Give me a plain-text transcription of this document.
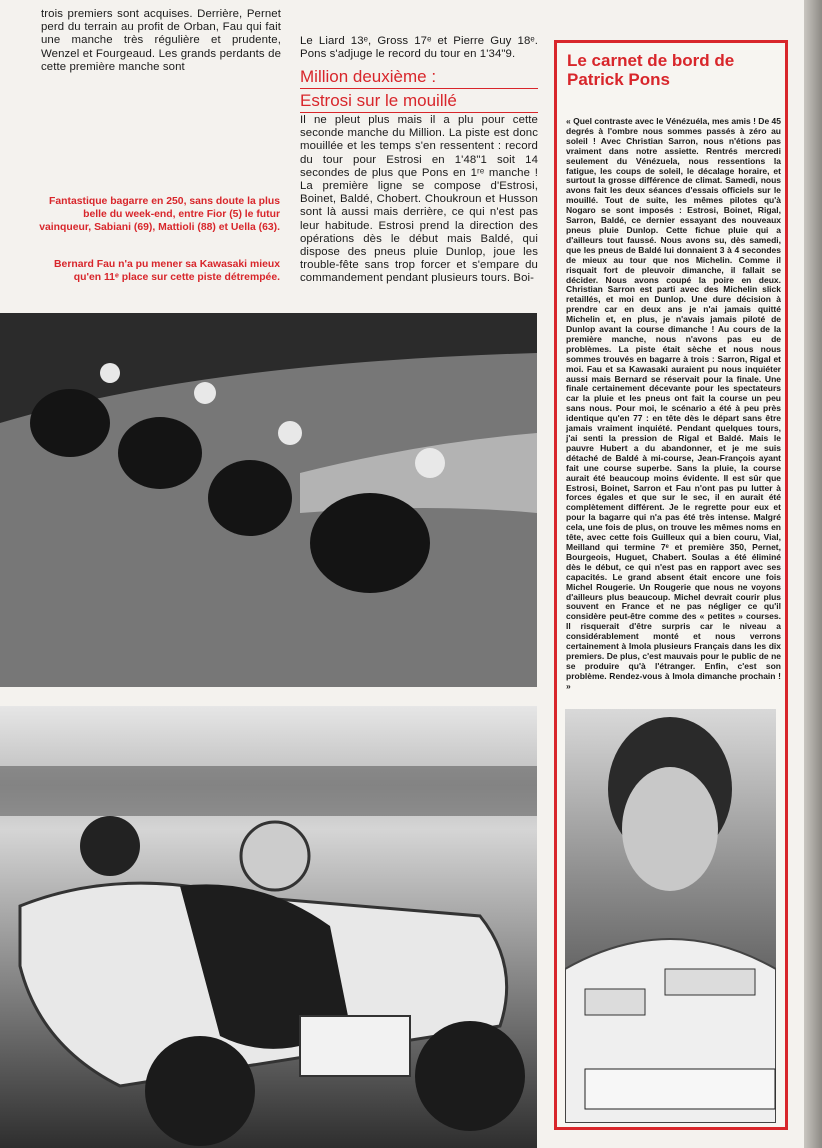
trois premiers sont acquises. Derrière, Pernet perd du terrain au profit de Orban, Fau qui fait une manche très régulière et prudente, Wenzel et Fourgeaud. Les grands perdants de cette première manche sont
Le Liard 13ᵉ, Gross 17ᵉ et Pierre Guy 18ᵉ. Pons s'adjuge le record du tour en 1'34"9.
Million deuxième :
Estrosi sur le mouillé
Il ne pleut plus mais il a plu pour cette seconde manche du Million. La piste est donc mouillée et les temps s'en ressentent : record du tour pour Estrosi en 1'48"1 soit 14 secondes de plus que Pons en 1ʳᵉ manche ! La première ligne se compose d'Estrosi, Boinet, Baldé, Chobert. Choukroun et Husson sont là aussi mais derrière, ce qui n'est pas leur habitude. Estrosi prend la direction des opérations dès le début mais Baldé, qui dispose des pneus pluie Dunlop, joue les trouble-fête sans trop forcer et s'empare du commandement pendant plusieurs tours. Boi-
Fantastique bagarre en 250, sans doute la plus belle du week-end, entre Fior (5) le futur vainqueur, Sabiani (69), Mattioli (88) et Uella (63).
Bernard Fau n'a pu mener sa Kawasaki mieux qu'en 11ᵉ place sur cette piste détrempée.
Le carnet de bord de Patrick Pons
« Quel contraste avec le Vénézuéla, mes amis ! De 45 degrés à l'ombre nous sommes passés à zéro au soleil ! Avec Christian Sarron, nous n'étions pas vraiment dans notre assiette. Rentrés mercredi seulement du Vénézuela, nous ressentions la fatigue, les coups de soleil, le décalage horaire, et surtout la grosse différence de climat. Samedi, nous avons fait les deux séances d'essais officiels sur le mouillé. Tout de suite, les mêmes pilotes qu'à Nogaro se sont imposés : Estrosi, Boinet, Rigal, Sarron, Baldé, ce dernier essayant des nouveaux pneus pluie Dunlop. Cette fichue pluie qui a d'ailleurs tout faussé. Nous avons su, dès samedi, que les pneus de Baldé lui donnaient 3 à 4 secondes de mieux au tour que nos Michelin. Comme il risquait fort de pleuvoir dimanche, il fallait se décider. Nous avons coupé la poire en deux. Christian Sarron est parti avec des Michelin slick retaillés, et moi en Dunlop. Une dure décision à prendre car en deux ans je n'ai jamais quitté Michelin et, en plus, je n'avais jamais piloté de Dunlop avant la course dimanche ! Au cours de la première manche, nous n'avons pas eu de problèmes. La piste était sèche et nous nous sommes trouvés en bagarre à trois : Sarron, Rigal et moi. Fau et sa Kawasaki auraient pu nous inquiéter aussi mais Bernard se réservait pour la finale. Une finale certainement décevante pour les spectateurs car la pluie et les pneus ont fait la course un peu sans nous. Pour moi, le scénario a été à peu près identique qu'en 77 : en tête dès le départ sans être jamais vraiment inquiété. Pendant quelques tours, j'ai senti la pression de Rigal et Baldé. Mais le pauvre Hubert a du abandonner, et je me suis détaché de Baldé à mi-course, Jean-François ayant fait une course superbe. Sans la pluie, la course aurait été beaucoup moins évidente. Il est sûr que Estrosi, Boinet, Sarron et Fau n'ont pas pu lutter à forces égales et que sur le sec, il en aurait été complètement différent. Je le regrette pour eux et pour la bagarre qui n'a pas été très intense. Malgré cela, une fois de plus, on trouve les mêmes noms en tête, avec cette fois Guilleux qui a bien couru, Vial, Meilland qui termine 7ᵉ et première 350, Pernet, Bourgeois, Huguet, Chabert. Soulas a été éliminé dès le début, ce qui n'est pas en rapport avec ses capacités. Le grand absent était encore une fois Michel Rougerie. Un Rougerie que nous ne voyons d'ailleurs plus beaucoup. Michel devrait courir plus souvent en France et ne pas négliger ce qu'il considère peut-être comme des « petites » courses. Il risquerait d'être surpris car le niveau a considérablement monté et nous verrons certainement à Imola plusieurs Français dans les dix premiers. De plus, c'est mauvais pour le public de ne se produire qu'à l'étranger. Enfin, c'est son problème. Rendez-vous à Imola dimanche prochain ! »
